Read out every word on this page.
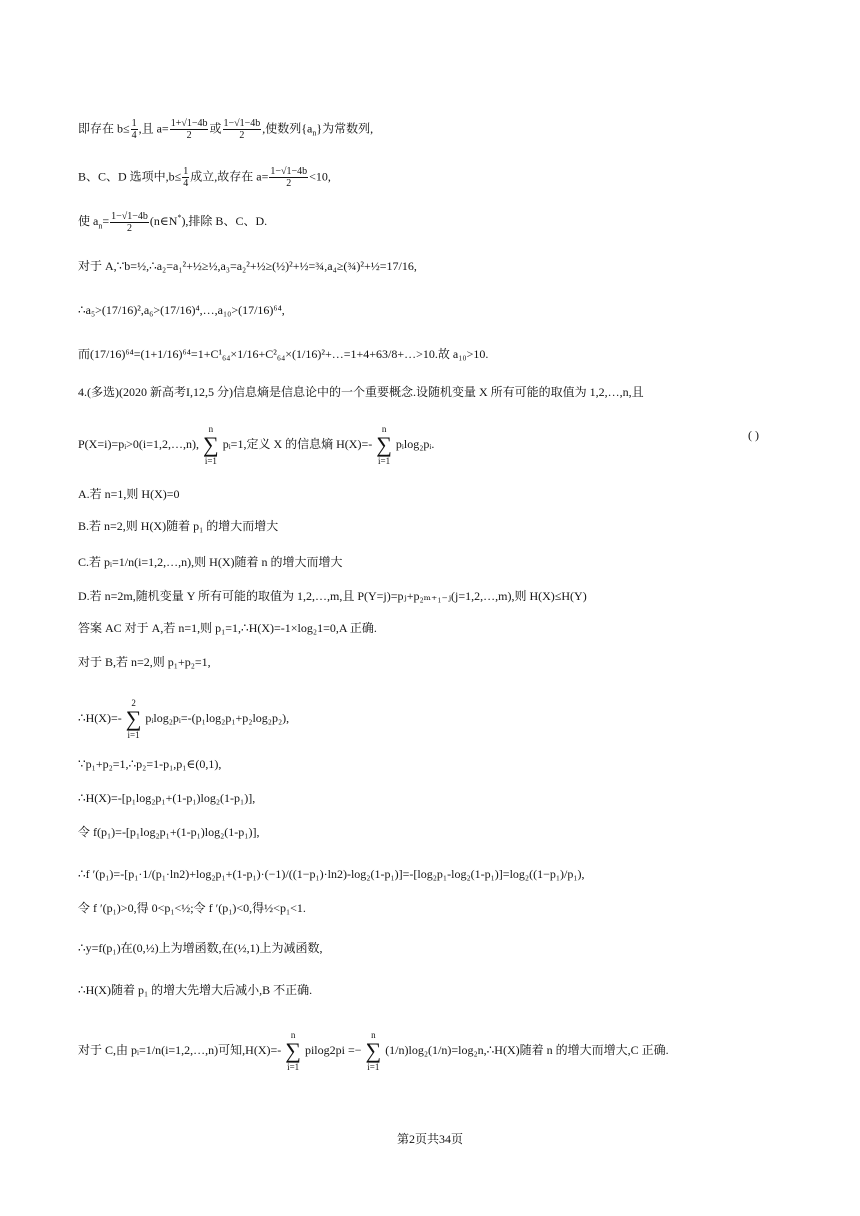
即存在 $b\le \frac{1}{4}$ ,且 $a= \frac{1+√1-4b}{2}$ 或 $\frac{1-√1-4b}{2}$ ,使数列$\{a_n\}$为常数列,
B、C、D 选项中$,b\le \frac{1}{4}$ 成立,故存在 $a= \frac{1-√1-4b}{2} <10$,
使 $a_n= \frac{1-√1-4b}{2}$ (n∈N*),排除 B、C、D.
对于 A,∵b=½,∴a₂=a₁²+½≥½,a₃=a₂²+½≥(½)²+½=¾,a₄≥(¾)²+½=17/16,
∴a₅>(17/16)²,a₆>(17/16)⁴,…,a₁₀>(17/16)⁶⁴,
而(17/16)⁶⁴=(1+1/16)⁶⁴=1+C¹₆₄×1/16+C²₆₄×(1/16)²+…=1+4+63/8+…>10.故 a₁₀>10.
4.(多选)(2020 新高考I,12,5 分)信息熵是信息论中的一个重要概念.设随机变量 X 所有可能的取值为 1,2,…,n,且
P(X=i)=pᵢ>0(i=1,2,…,n),n
∑
i=1pᵢ=1,定义 X 的信息熵 H(X)=-n
∑
i=1pᵢlog₂pᵢ.
( )
A.若 n=1,则 H(X)=0
B.若 n=2,则 H(X)随着 p₁ 的增大而增大
C.若 pᵢ=1/n(i=1,2,…,n),则 H(X)随着 n 的增大而增大
D.若 n=2m,随机变量 Y 所有可能的取值为 1,2,…,m,且 P(Y=j)=pⱼ+p₂ₘ₊₁₋ⱼ(j=1,2,…,m),则 H(X)≤H(Y)
答案 AC 对于 A,若 n=1,则 p₁=1,∴H(X)=-1×log₂1=0,A 正确.
对于 B,若 n=2,则 p₁+p₂=1,
∴H(X)=-2
∑
i=1pᵢlog₂pᵢ=-(p₁log₂p₁+p₂log₂p₂),
∵p₁+p₂=1,∴p₂=1-p₁,p₁∈(0,1),
∴H(X)=-[p₁log₂p₁+(1-p₁)log₂(1-p₁)],
令 f(p₁)=-[p₁log₂p₁+(1-p₁)log₂(1-p₁)],
∴f ′(p₁)=-[p₁·1/(p₁·ln2)+log₂p₁+(1-p₁)·(−1)/((1−p₁)·ln2)-log₂(1-p₁)]=-[log₂p₁-log₂(1-p₁)]=log₂((1−p₁)/p₁),
令 f ′(p₁)>0,得 0<p₁<½;令 f ′(p₁)<0,得½<p₁<1.
∴y=f(p₁)在(0,½)上为增函数,在(½,1)上为减函数,
∴H(X)随着 p₁ 的增大先增大后减小,B 不正确.
对于 C,由 pᵢ=1/n(i=1,2,…,n)可知,H(X)=-n
∑
i=1pilog2pi =−n
∑
i=1(1/n)log₂(1/n)=log₂n,∴H(X)随着 n 的增大而增大,C 正确.
第2页共34页
